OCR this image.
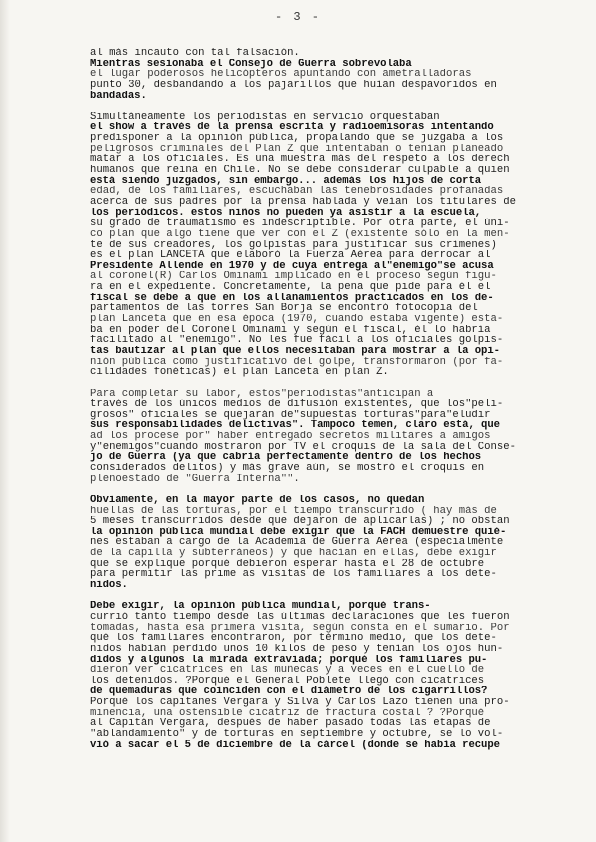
- 3 -
al más incauto con tal falsación.
Mientras sesionaba el Consejo de Guerra sobrevolaba
el lugar poderosos helicópteros apuntando con ametralladoras
punto 30, desbandando a los pajarillos que huían despavoridos en
bandadas.
Simultáneamente los periodistas en servicio orquestaban
el show a través de la prensa escrita y radioemisoras intentando
predisponer a la opinión pública, propalando que se juzgaba a los
peligrosos criminales del Plan Z que intentaban o tenían planeado
matar a los oficiales. Es una muestra más del respeto a los derech
humanos que reina en Chile. No se debe considerar culpable a quien
está siendo juzgados, sin embargo... además los hijos de corta
edad, de los familiares, escuchaban las tenebrosidades profanadas
acerca de sus padres por la prensa hablada y veían los titulares de
los periódicos. estos niños no pueden ya asistir a la escuela,
su grado de traumatismo es indescriptible. Por otra parte, el úni-
co plan que algo tiene que ver con el Z (existente sólo en la men-
te de sus creadores, los golpistas para justificar sus crímenes)
es el plan LANCETA que elaboró la Fuerza Aérea para derrocar al
Presidente Allende en 1970 y de cuya entrega al"enemigo"se acusa
al coronel(R) Carlos Ominami implicado en el proceso según figu-
ra en el expediente. Concretamente, la pena que pide para él el
fiscal se debe a que en los allanamientos practicados en los de-
partamentos de las torres San Borja se encontró fotocopia del
plan Lanceta que en esa época (1970, cuando estaba vigente) esta-
ba en poder del Coronel Ominami y según el fiscal, él lo habría
facilitado al "enemigo". No les fue fácil a los oficiales golpis-
tas bautizar al plan que ellos necesitaban para mostrar a la opi-
nión pública como justificativo del golpe, transformaron (por fa-
cilidades fonéticas) el plan Lanceta en plan Z.
Para completar su labor, estos"periodistas"anticipan a
través de los únicos medios de difusión existentes, que los"peli-
grosos" oficiales se quejarán de"supuestas torturas"para"eludir
sus responsabilidades delictivas". Tampoco temen, claro está, que
ad los procese por" haber entregado secretos militares a amigos
y"enemigos"cuando mostraron por TV el croquis de la sala del Conse-
jo de Guerra (ya que cabría perfectamente dentro de los hechos
considerados delitos) y más grave aún, se mostró el croquis en
plenoestado de "Guerra Interna"".
Obviamente, en la mayor parte de los casos, no quedan
huellas de las torturas, por el tiempo transcurrido ( hay más de
5 meses transcurridos desde que dejaron de aplicarlas) ; no obstan
la opinión pública mundial debe exigir que la FACH demuestre quié-
nes estaban a cargo de la Academia de Guerra Aérea (especialmente
de la capilla y subterráneos) y que hacían en ellas, debe exigir
que se explique porqué debieron esperar hasta el 28 de octubre
para permitir las prime as visitas de los familiares a los dete-
nidos.
Debe exigir, la opinión pública mundial, porqué trans-
currió tanto tiempo desde las últimas declaraciones que les fueron
tomadas, hasta esa primera visita, según consta en el sumario. Por
qué los familiares encontraron, por término medio, que los dete-
nidos habían perdido unos 10 kilos de peso y tenían los ojos hun-
didos y algunos la mirada extraviada; porqué los familiares pu-
dieron ver cicatrices en las muñecas y a veces en el cuello de
los detenidos. ?Porqué el General Poblete llegó con cicatrices
de quemaduras que coinciden con el diámetro de los cigarrillos?
Porqué los capitanes Vergara y Silva y Carlos Lazo tienen una pro-
minencia, una ostensible cicatriz de fractura costal ? ?Porqué
al Capitán Vergara, después de haber pasado todas las etapas de
"ablandamiento" y de torturas en septiembre y octubre, se lo vol-
vió a sacar el 5 de diciembre de la cárcel (donde se había recupe
